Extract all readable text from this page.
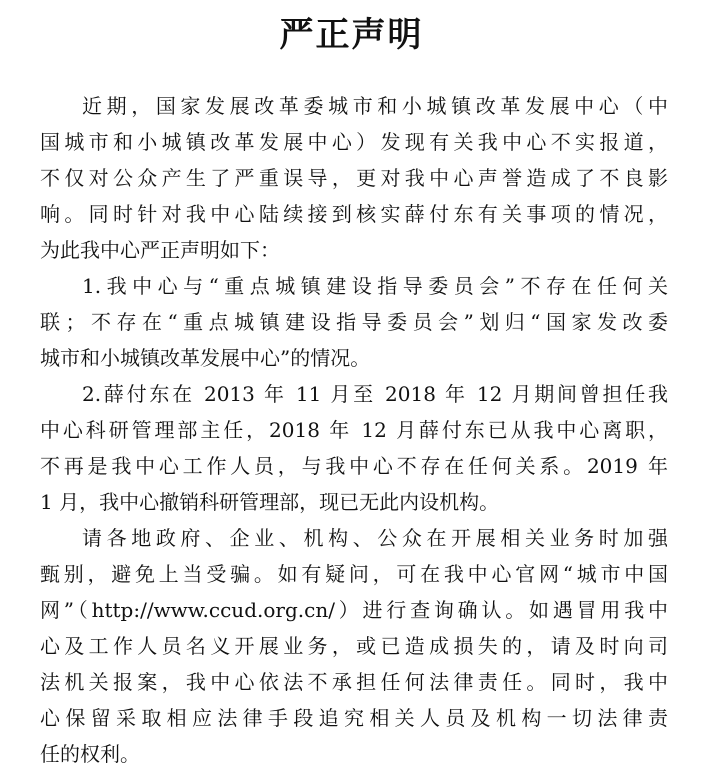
严正声明
近期，国家发展改革委城市和小城镇改革发展中心（中
国城市和小城镇改革发展中心）发现有关我中心不实报道，
不仅对公众产生了严重误导，更对我中心声誉造成了不良影
响。同时针对我中心陆续接到核实薛付东有关事项的情况，
为此我中心严正声明如下：
1.我中心与“重点城镇建设指导委员会”不存在任何关
联；不存在“重点城镇建设指导委员会”划归“国家发改委
城市和小城镇改革发展中心”的情况。
2.薛付东在 2013 年 11 月至 2018 年 12 月期间曾担任我
中心科研管理部主任，2018 年 12 月薛付东已从我中心离职，
不再是我中心工作人员，与我中心不存在任何关系。2019 年
1 月，我中心撤销科研管理部，现已无此内设机构。
请各地政府、企业、机构、公众在开展相关业务时加强
甄别，避免上当受骗。如有疑问，可在我中心官网“城市中国
网”（http://www.ccud.org.cn/）进行查询确认。如遇冒用我中
心及工作人员名义开展业务，或已造成损失的，请及时向司
法机关报案，我中心依法不承担任何法律责任。同时，我中
心保留采取相应法律手段追究相关人员及机构一切法律责
任的权利。
